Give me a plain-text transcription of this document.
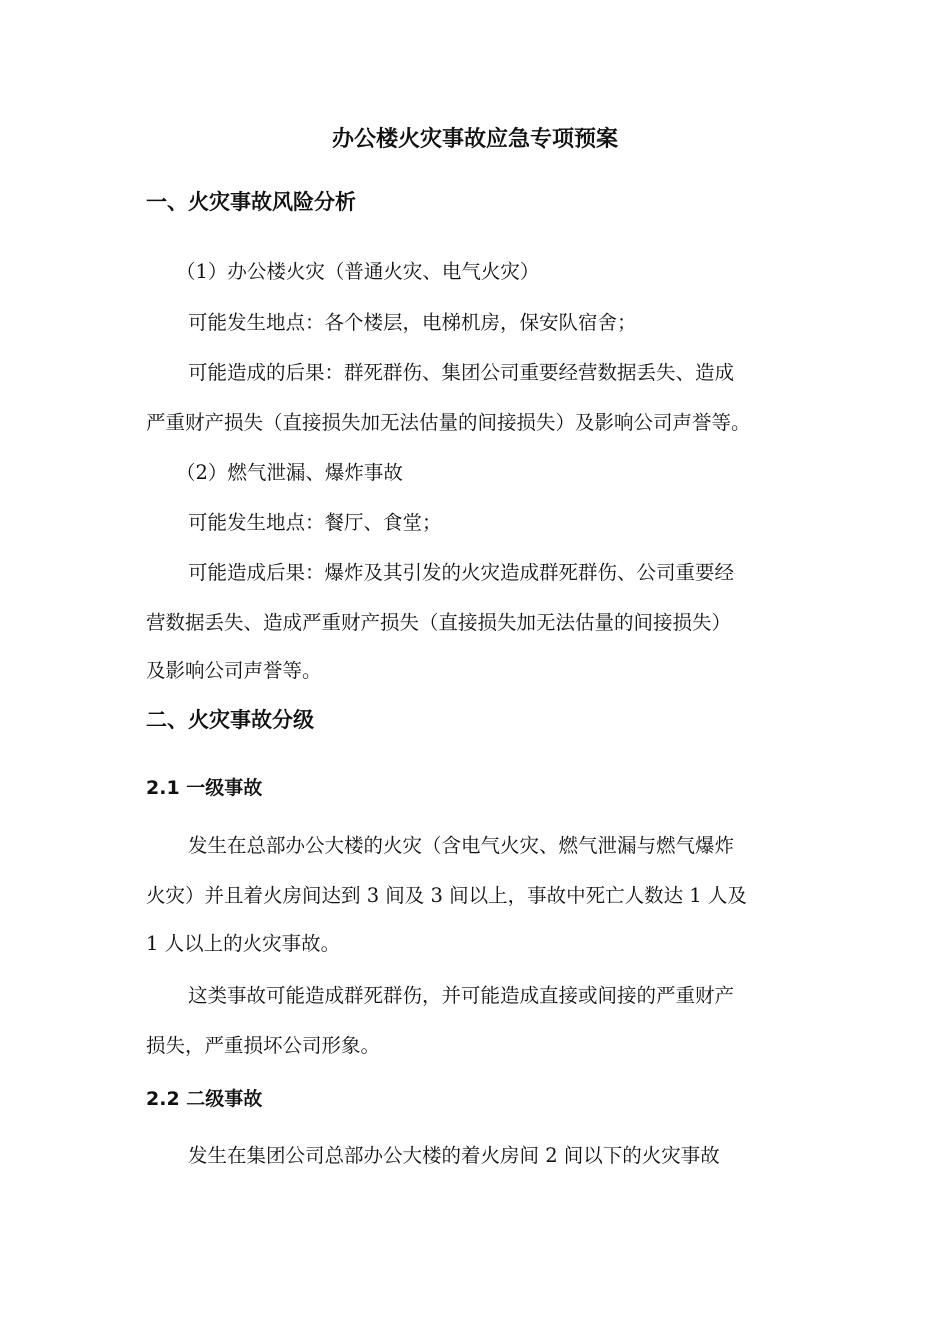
办公楼火灾事故应急专项预案
一、火灾事故风险分析
（1）办公楼火灾（普通火灾、电气火灾）
可能发生地点：各个楼层，电梯机房，保安队宿舍；
可能造成的后果：群死群伤、集团公司重要经营数据丢失、造成
严重财产损失（直接损失加无法估量的间接损失）及影响公司声誉等。
（2）燃气泄漏、爆炸事故
可能发生地点：餐厅、食堂；
可能造成后果：爆炸及其引发的火灾造成群死群伤、公司重要经
营数据丢失、造成严重财产损失（直接损失加无法估量的间接损失）
及影响公司声誉等。
二、火灾事故分级
2.1 一级事故
发生在总部办公大楼的火灾（含电气火灾、燃气泄漏与燃气爆炸
火灾）并且着火房间达到 3 间及 3 间以上，事故中死亡人数达 1 人及
1 人以上的火灾事故。
这类事故可能造成群死群伤，并可能造成直接或间接的严重财产
损失，严重损坏公司形象。
2.2 二级事故
发生在集团公司总部办公大楼的着火房间 2 间以下的火灾事故
